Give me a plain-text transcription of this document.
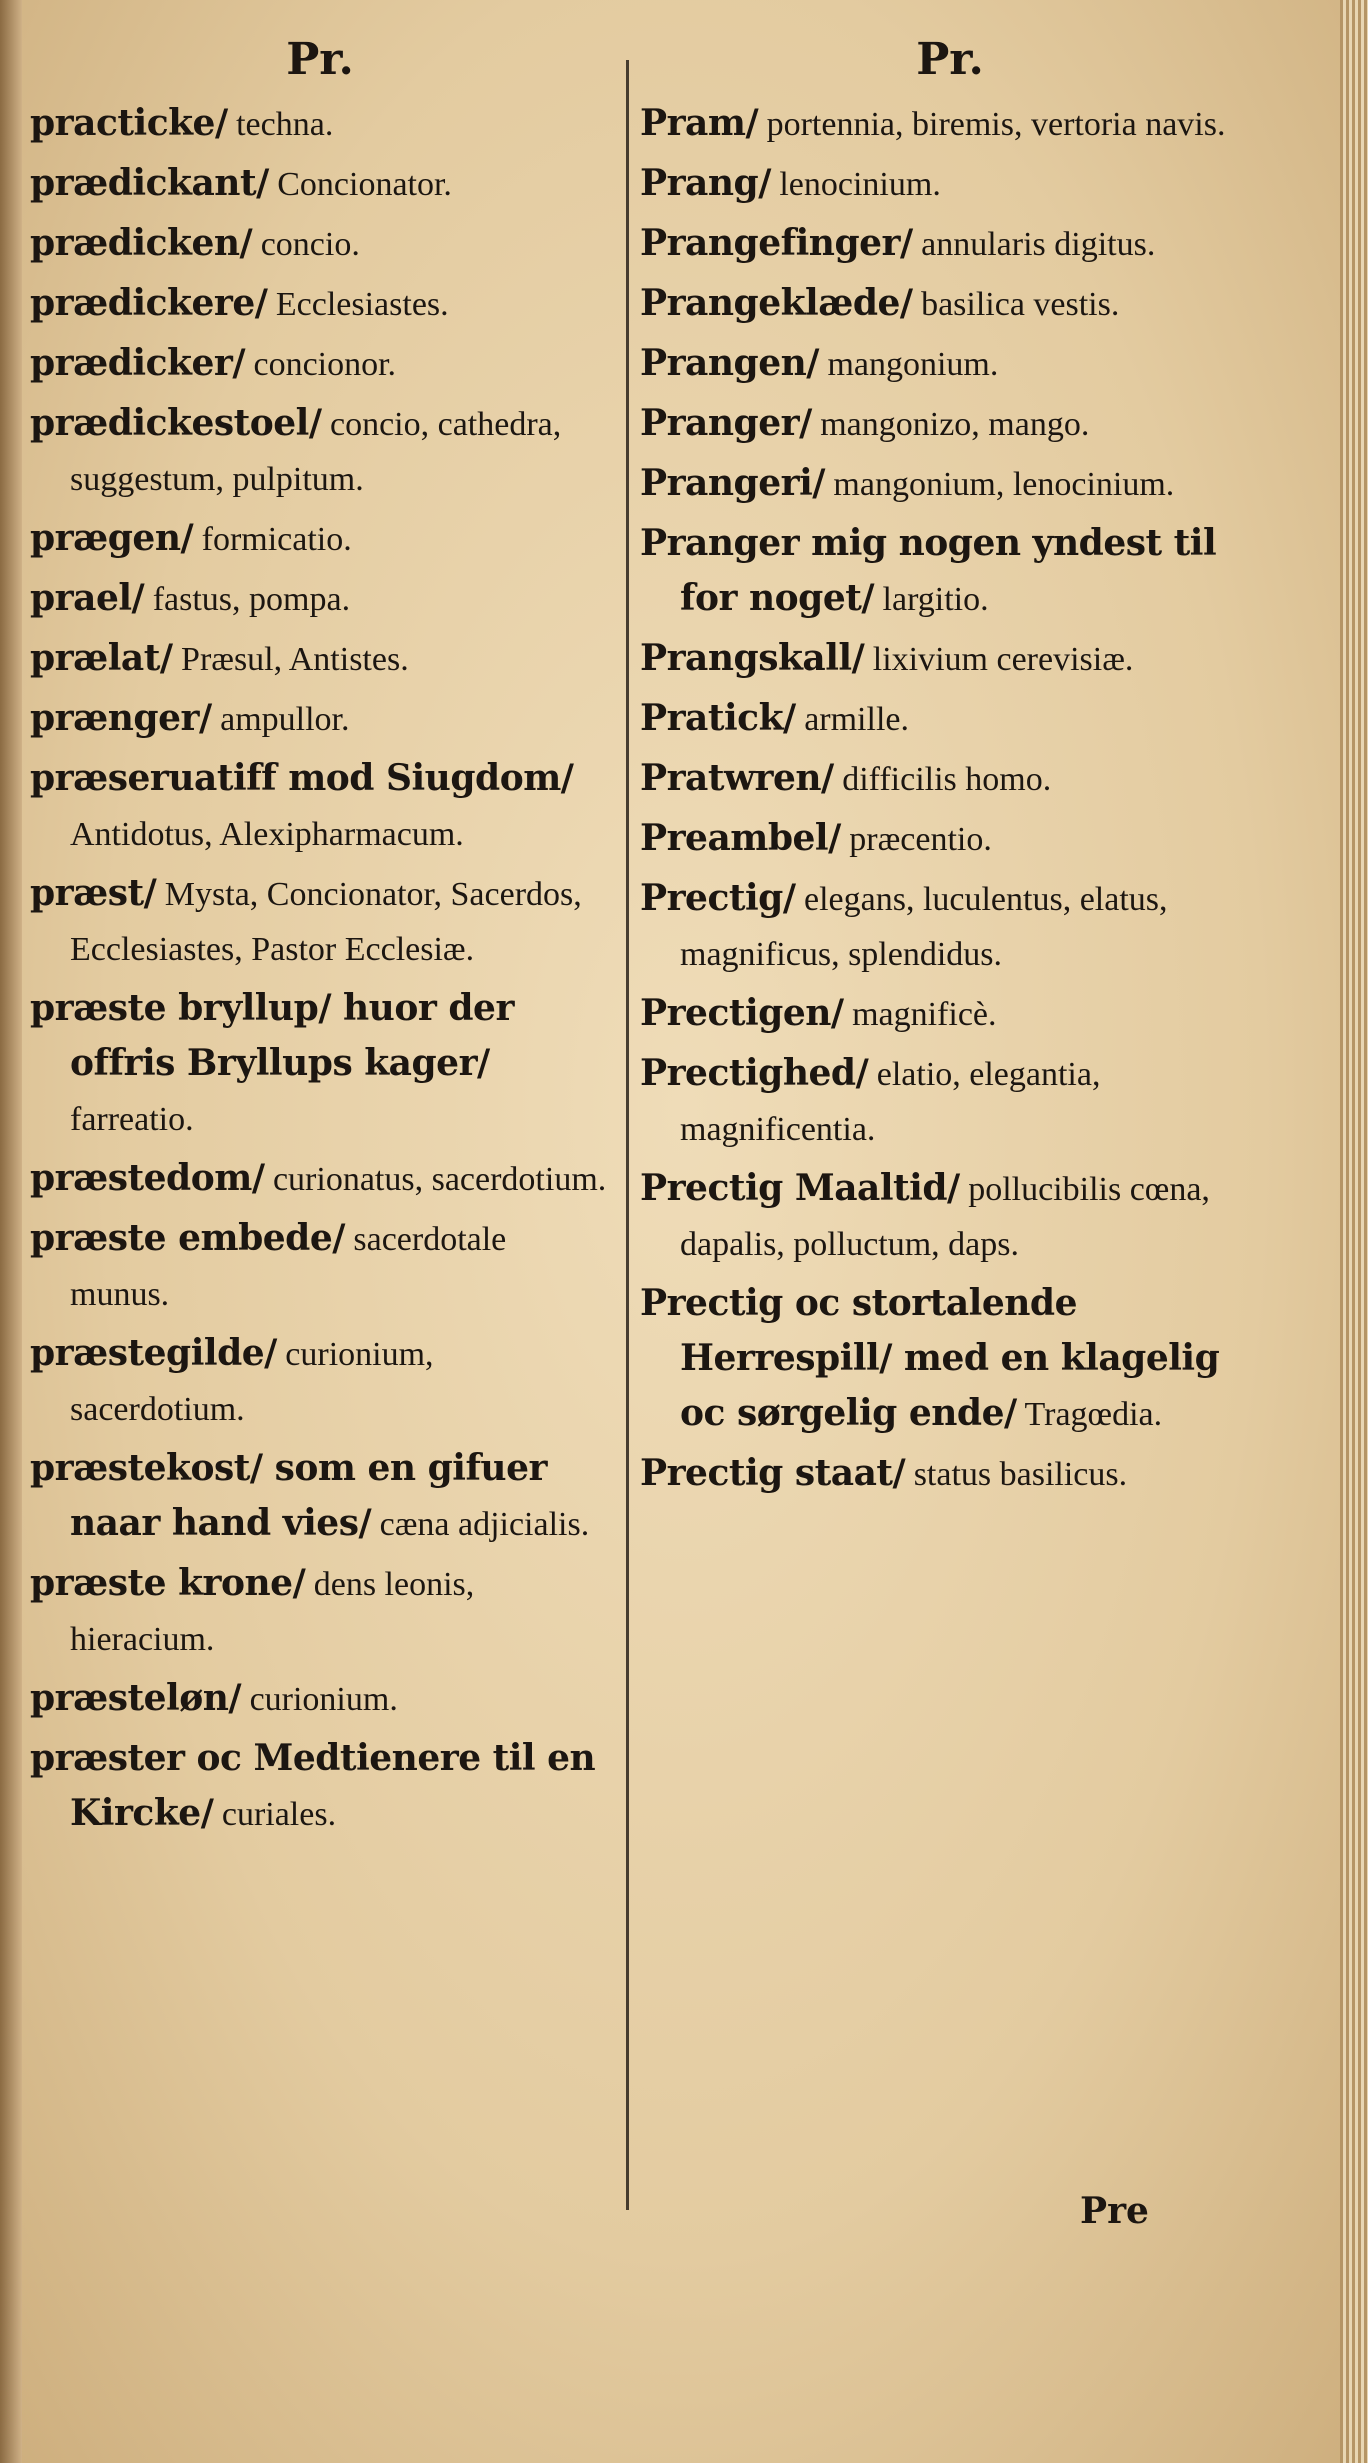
Pr.

practicke/ techna.

prædickant/ Concionator.

prædicken/ concio.

prædickere/ Ecclesiastes.

prædicker/ concionor.

prædickestoel/ concio, cathedra, suggestum, pulpitum.

prægen/ formicatio.

prael/ fastus, pompa.

prælat/ Præsul, Antistes.

prænger/ ampullor.

præseruatiff mod Siugdom/ Antidotus, Alexipharmacum.

præst/ Mysta, Concionator, Sacerdos, Ecclesiastes, Pastor Ecclesiæ.

præste bryllup/ huor der offris Bryllups kager/ farreatio.

præstedom/ curionatus, sacerdotium.

præste embede/ sacerdotale munus.

præstegilde/ curionium, sacerdotium.

præstekost/ som en gifuer naar hand vies/ cæna adjicialis.

præste krone/ dens leonis, hieracium.

præsteløn/ curionium.

præster oc Medtienere til en Kircke/ curiales.

Pr.

Pram/ portennia, biremis, vertoria navis.

Prang/ lenocinium.

Prangefinger/ annularis digitus.

Prangeklæde/ basilica vestis.

Prangen/ mangonium.

Pranger/ mangonizo, mango.

Prangeri/ mangonium, lenocinium.

Pranger mig nogen yndest til for noget/ largitio.

Prangskall/ lixivium cerevisiæ.

Pratick/ armille.

Pratwren/ difficilis homo.

Preambel/ præcentio.

Prectig/ elegans, luculentus, elatus, magnificus, splendidus.

Prectigen/ magnificè.

Prectighed/ elatio, elegantia, magnificentia.

Prectig Maaltid/ pollucibilis cœna, dapalis, polluctum, daps.

Prectig oc stortalende Herrespill/ med en klagelig oc sørgelig ende/ Tragœdia.

Prectig staat/ status basilicus.

Pre
